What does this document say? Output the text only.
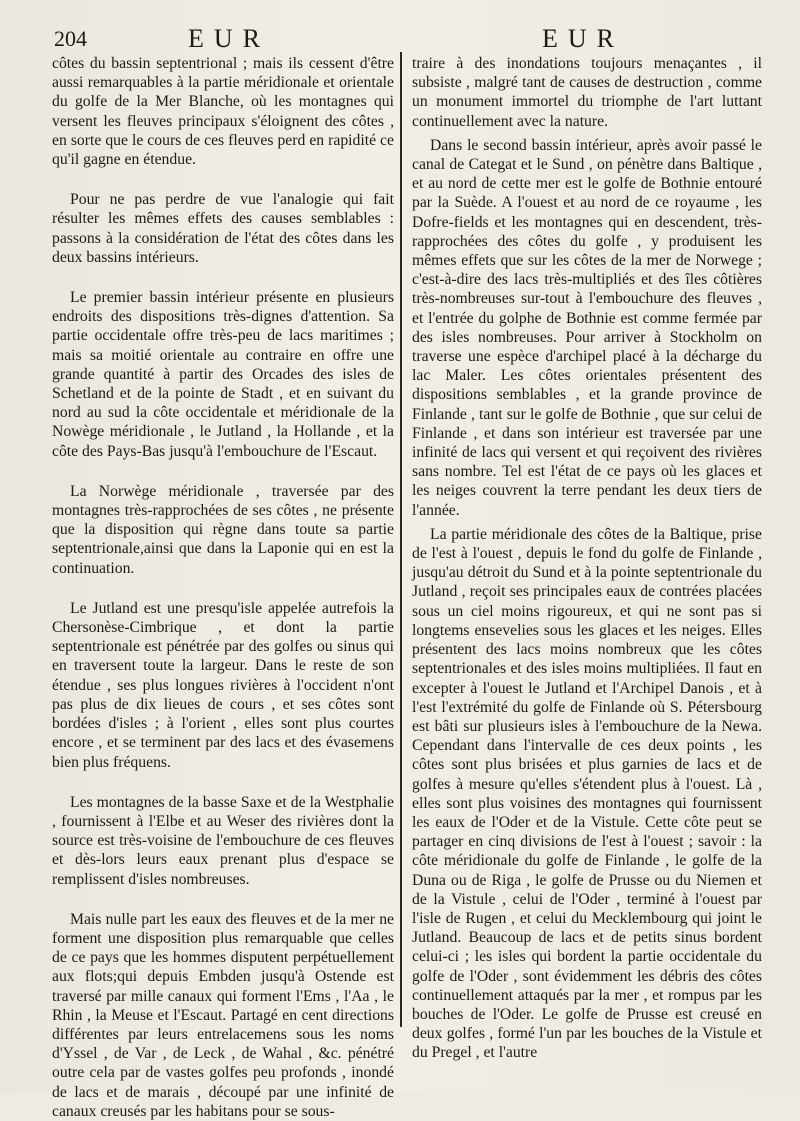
204	EUR	EUR

côtes du bassin septentrional ; mais ils cessent d'être aussi remarquables à la partie méridionale et orientale du golfe de la Mer Blanche, où les montagnes qui versent les fleuves principaux s'éloignent des côtes , en sorte que le cours de ces fleuves perd en rapidité ce qu'il gagne en étendue.

Pour ne pas perdre de vue l'analogie qui fait résulter les mêmes effets des causes semblables : passons à la considération de l'état des côtes dans les deux bassins intérieurs.

Le premier bassin intérieur présente en plusieurs endroits des dispositions très-dignes d'attention. Sa partie occidentale offre très-peu de lacs maritimes ; mais sa moitié orientale au contraire en offre une grande quantité à partir des Orcades des isles de Schetland et de la pointe de Stadt , et en suivant du nord au sud la côte occidentale et méridionale de la Nowège méridionale , le Jutland , la Hollande , et la côte des Pays-Bas jusqu'à l'embouchure de l'Escaut.

La Norwège méridionale , traversée par des montagnes très-rapprochées de ses côtes , ne présente que la disposition qui règne dans toute sa partie septentrionale,ainsi que dans la Laponie qui en est la continuation.

Le Jutland est une presqu'isle appelée autrefois la Chersonèse-Cimbrique , et dont la partie septentrionale est pénétrée par des golfes ou sinus qui en traversent toute la largeur. Dans le reste de son étendue , ses plus longues rivières à l'occident n'ont pas plus de dix lieues de cours , et ses côtes sont bordées d'isles ; à l'orient , elles sont plus courtes encore , et se terminent par des lacs et des évasemens bien plus fréquens.

Les montagnes de la basse Saxe et de la Westphalie , fournissent à l'Elbe et au Weser des rivières dont la source est très-voisine de l'embouchure de ces fleuves et dès-lors leurs eaux prenant plus d'espace se remplissent d'isles nombreuses.

Mais nulle part les eaux des fleuves et de la mer ne forment une disposition plus remarquable que celles de ce pays que les hommes disputent perpétuellement aux flots;qui depuis Embden jusqu'à Ostende est traversé par mille canaux qui forment l'Ems , l'Aa , le Rhin , la Meuse et l'Escaut. Partagé en cent directions différentes par leurs entrelacemens sous les noms d'Yssel , de Var , de Leck , de Wahal , &c. pénétré outre cela par de vastes golfes peu profonds , inondé de lacs et de marais , découpé par une infinité de canaux creusés par les habitans pour se sous-

traire à des inondations toujours menaçantes , il subsiste , malgré tant de causes de destruction , comme un monument immortel du triomphe de l'art luttant continuellement avec la nature.

Dans le second bassin intérieur, après avoir passé le canal de Categat et le Sund , on pénètre dans Baltique , et au nord de cette mer est le golfe de Bothnie entouré par la Suède. A l'ouest et au nord de ce royaume , les Dofre-fields et les montagnes qui en descendent, très-rapprochées des côtes du golfe , y produisent les mêmes effets que sur les côtes de la mer de Norwege ; c'est-à-dire des lacs très-multipliés et des îles côtières très-nombreuses sur-tout à l'embouchure des fleuves , et l'entrée du golphe de Bothnie est comme fermée par des isles nombreuses. Pour arriver à Stockholm on traverse une espèce d'archipel placé à la décharge du lac Maler. Les côtes orientales présentent des dispositions semblables , et la grande province de Finlande , tant sur le golfe de Bothnie , que sur celui de Finlande , et dans son intérieur est traversée par une infinité de lacs qui versent et qui reçoivent des rivières sans nombre. Tel est l'état de ce pays où les glaces et les neiges couvrent la terre pendant les deux tiers de l'année.

La partie méridionale des côtes de la Baltique, prise de l'est à l'ouest , depuis le fond du golfe de Finlande , jusqu'au détroit du Sund et à la pointe septentrionale du Jutland , reçoit ses principales eaux de contrées placées sous un ciel moins rigoureux, et qui ne sont pas si longtems ensevelies sous les glaces et les neiges. Elles présentent des lacs moins nombreux que les côtes septentrionales et des isles moins multipliées. Il faut en excepter à l'ouest le Jutland et l'Archipel Danois , et à l'est l'extrémité du golfe de Finlande où S. Pétersbourg est bâti sur plusieurs isles à l'embouchure de la Newa. Cependant dans l'intervalle de ces deux points , les côtes sont plus brisées et plus garnies de lacs et de golfes à mesure qu'elles s'étendent plus à l'ouest. Là , elles sont plus voisines des montagnes qui fournissent les eaux de l'Oder et de la Vistule. Cette côte peut se partager en cinq divisions de l'est à l'ouest ; savoir : la côte méridionale du golfe de Finlande , le golfe de la Duna ou de Riga , le golfe de Prusse ou du Niemen et de la Vistule , celui de l'Oder , terminé à l'ouest par l'isle de Rugen , et celui du Mecklembourg qui joint le Jutland. Beaucoup de lacs et de petits sinus bordent celui-ci ; les isles qui bordent la partie occidentale du golfe de l'Oder , sont évidemment les débris des côtes continuellement attaqués par la mer , et rompus par les bouches de l'Oder. Le golfe de Prusse est creusé en deux golfes , formé l'un par les bouches de la Vistule et du Pregel , et l'autre
